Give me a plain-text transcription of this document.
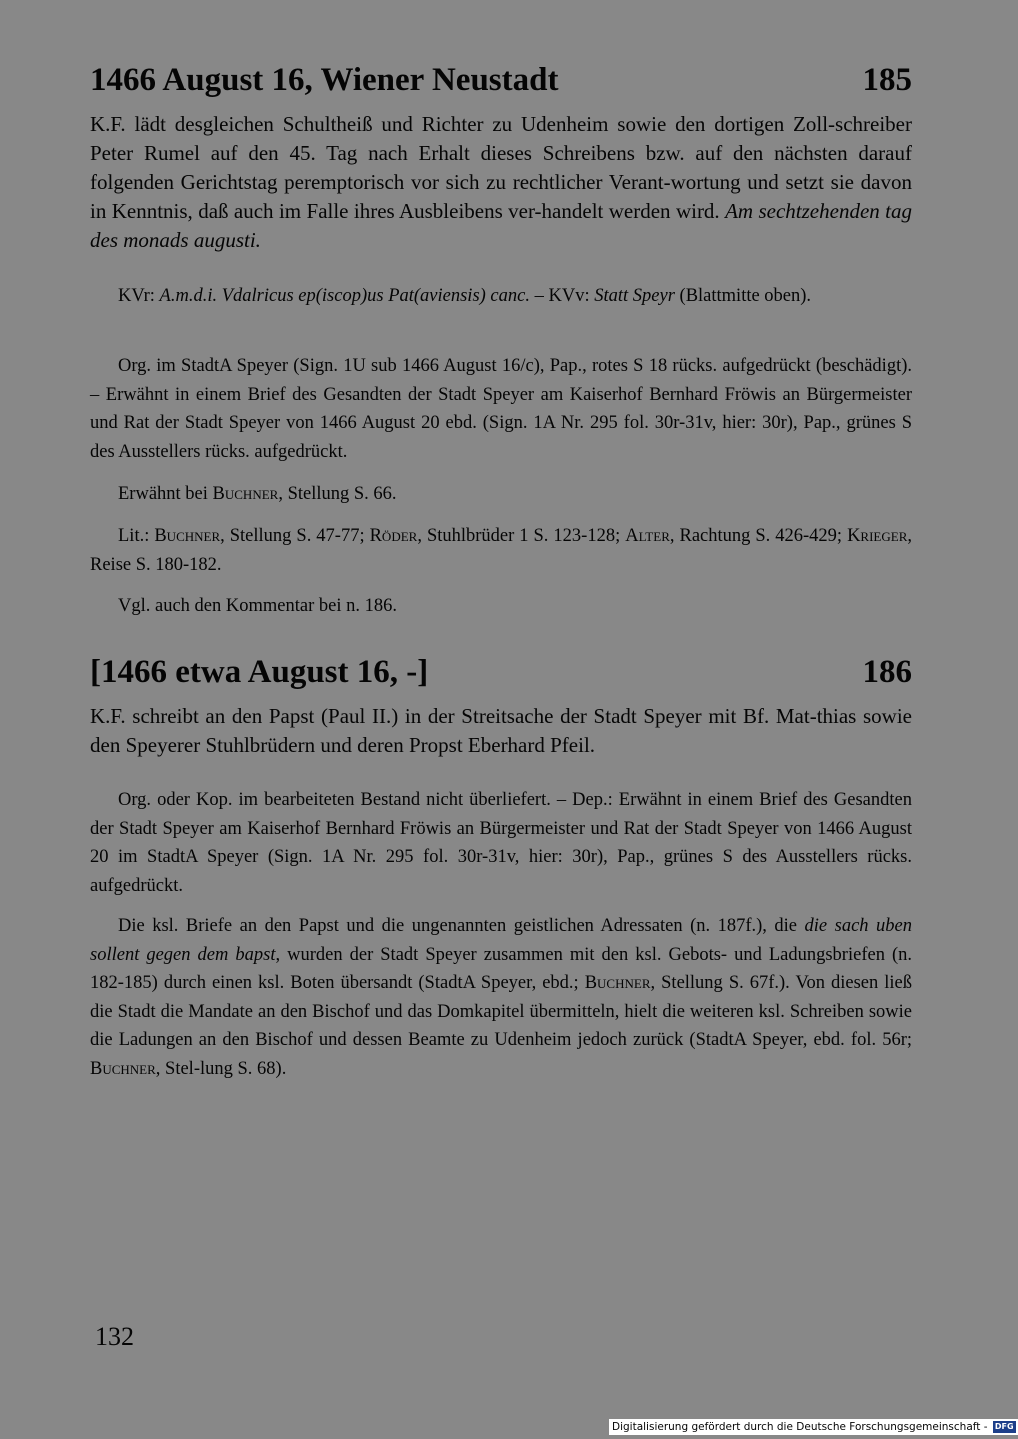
1466 August 16, Wiener Neustadt	185
K.F. lädt desgleichen Schultheiß und Richter zu Udenheim sowie den dortigen Zoll-schreiber Peter Rumel auf den 45. Tag nach Erhalt dieses Schreibens bzw. auf den nächsten darauf folgenden Gerichtstag peremptorisch vor sich zu rechtlicher Verant-wortung und setzt sie davon in Kenntnis, daß auch im Falle ihres Ausbleibens ver-handelt werden wird. Am sechtzehenden tag des monads augusti.
KVr: A.m.d.i. Vdalricus ep(iscop)us Pat(aviensis) canc. – KVv: Statt Speyr (Blattmitte oben).
Org. im StadtA Speyer (Sign. 1U sub 1466 August 16/c), Pap., rotes S 18 rücks. aufgedrückt (beschädigt). – Erwähnt in einem Brief des Gesandten der Stadt Speyer am Kaiserhof Bernhard Fröwis an Bürgermeister und Rat der Stadt Speyer von 1466 August 20 ebd. (Sign. 1A Nr. 295 fol. 30r-31v, hier: 30r), Pap., grünes S des Ausstellers rücks. aufgedrückt.
Erwähnt bei Buchner, Stellung S. 66.
Lit.: Buchner, Stellung S. 47-77; Röder, Stuhlbrüder 1 S. 123-128; Alter, Rachtung S. 426-429; Krieger, Reise S. 180-182.
Vgl. auch den Kommentar bei n. 186.
[1466 etwa August 16, -]	186
K.F. schreibt an den Papst (Paul II.) in der Streitsache der Stadt Speyer mit Bf. Mat-thias sowie den Speyerer Stuhlbrüdern und deren Propst Eberhard Pfeil.
Org. oder Kop. im bearbeiteten Bestand nicht überliefert. – Dep.: Erwähnt in einem Brief des Gesandten der Stadt Speyer am Kaiserhof Bernhard Fröwis an Bürgermeister und Rat der Stadt Speyer von 1466 August 20 im StadtA Speyer (Sign. 1A Nr. 295 fol. 30r-31v, hier: 30r), Pap., grünes S des Ausstellers rücks. aufgedrückt.
Die ksl. Briefe an den Papst und die ungenannten geistlichen Adressaten (n. 187f.), die die sach uben sollent gegen dem bapst, wurden der Stadt Speyer zusammen mit den ksl. Gebots- und Ladungsbriefen (n. 182-185) durch einen ksl. Boten übersandt (StadtA Speyer, ebd.; Buchner, Stellung S. 67f.). Von diesen ließ die Stadt die Mandate an den Bischof und das Domkapitel übermitteln, hielt die weiteren ksl. Schreiben sowie die Ladungen an den Bischof und dessen Beamte zu Udenheim jedoch zurück (StadtA Speyer, ebd. fol. 56r; Buchner, Stel-lung S. 68).
132
Digitalisierung gefördert durch die Deutsche Forschungsgemeinschaft - DFG
